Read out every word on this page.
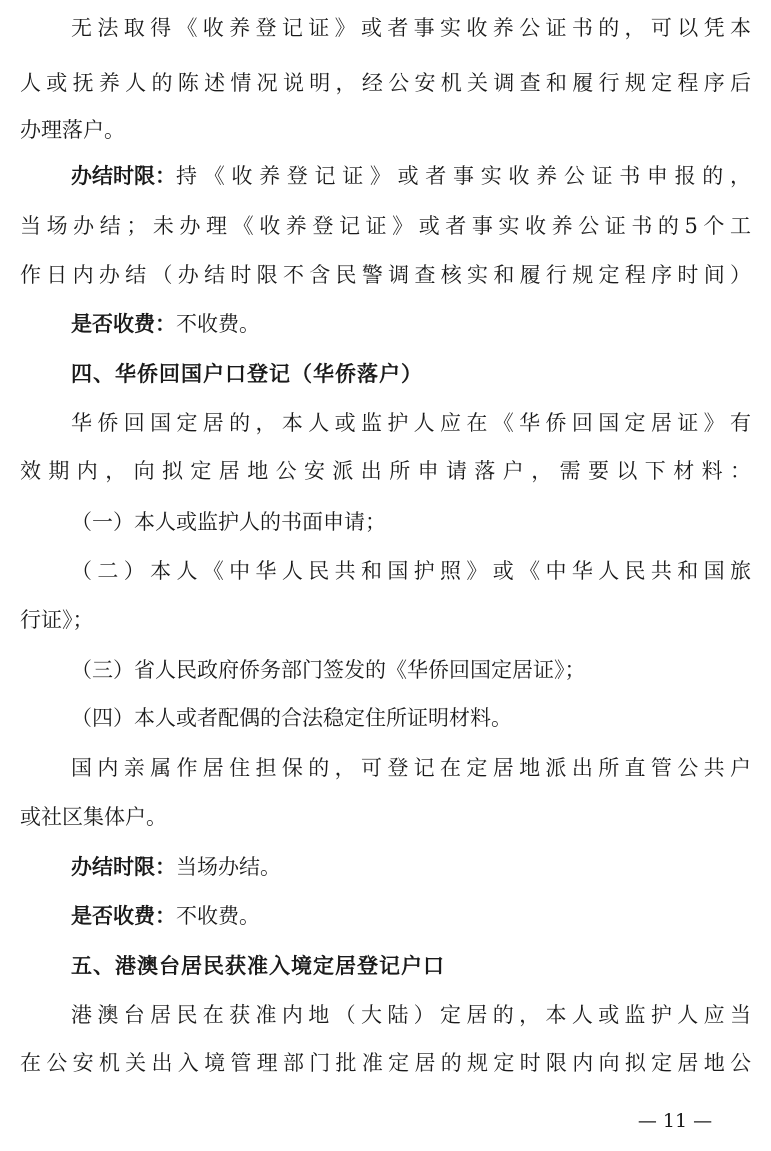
无法取得《收养登记证》或者事实收养公证书的，可以凭本
人或抚养人的陈述情况说明，经公安机关调查和履行规定程序后
办理落户。
办结时限： 持《收养登记证》或者事实收养公证书申报的，
当场办结；未办理《收养登记证》或者事实收养公证书的5个工
作日内办结（办结时限不含民警调查核实和履行规定程序时间）
是否收费：不收费。
四、华侨回国户口登记（华侨落户）
华侨回国定居的，本人或监护人应在《华侨回国定居证》有
效期内，向拟定居地公安派出所申请落户，需要以下材料：
（一）本人或监护人的书面申请；
（二）本人《中华人民共和国护照》或《中华人民共和国旅
行证》；
（三）省人民政府侨务部门签发的《华侨回国定居证》；
（四）本人或者配偶的合法稳定住所证明材料。
国内亲属作居住担保的，可登记在定居地派出所直管公共户
或社区集体户。
办结时限：当场办结。
是否收费：不收费。
五、港澳台居民获准入境定居登记户口
港澳台居民在获准内地（大陆）定居的，本人或监护人应当
在公安机关出入境管理部门批准定居的规定时限内向拟定居地公
— 11 —
